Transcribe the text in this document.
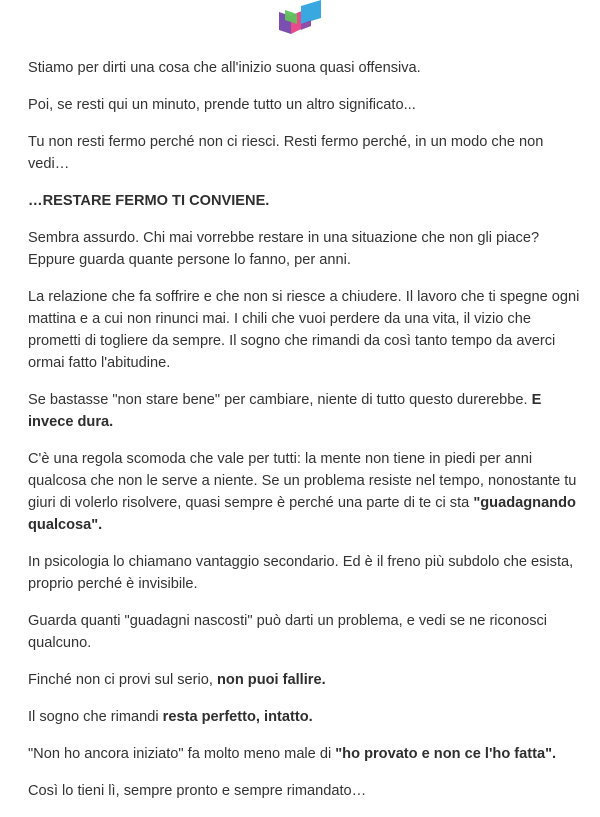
Stiamo per dirti una cosa che all'inizio suona quasi offensiva.

Poi, se resti qui un minuto, prende tutto un altro significato...

Tu non resti fermo perché non ci riesci. Resti fermo perché, in un modo che non vedi…

…RESTARE FERMO TI CONVIENE.

Sembra assurdo. Chi mai vorrebbe restare in una situazione che non gli piace? Eppure guarda quante persone lo fanno, per anni.

La relazione che fa soffrire e che non si riesce a chiudere. Il lavoro che ti spegne ogni mattina e a cui non rinunci mai. I chili che vuoi perdere da una vita, il vizio che prometti di togliere da sempre. Il sogno che rimandi da così tanto tempo da averci ormai fatto l'abitudine.

Se bastasse "non stare bene" per cambiare, niente di tutto questo durerebbe. E invece dura.

C'è una regola scomoda che vale per tutti: la mente non tiene in piedi per anni qualcosa che non le serve a niente. Se un problema resiste nel tempo, nonostante tu giuri di volerlo risolvere, quasi sempre è perché una parte di te ci sta "guadagnando qualcosa".

In psicologia lo chiamano vantaggio secondario. Ed è il freno più subdolo che esista, proprio perché è invisibile.

Guarda quanti "guadagni nascosti" può darti un problema, e vedi se ne riconosci qualcuno.

Finché non ci provi sul serio, non puoi fallire.

Il sogno che rimandi resta perfetto, intatto.

"Non ho ancora iniziato" fa molto meno male di "ho provato e non ce l'ho fatta".

Così lo tieni lì, sempre pronto e sempre rimandato…
